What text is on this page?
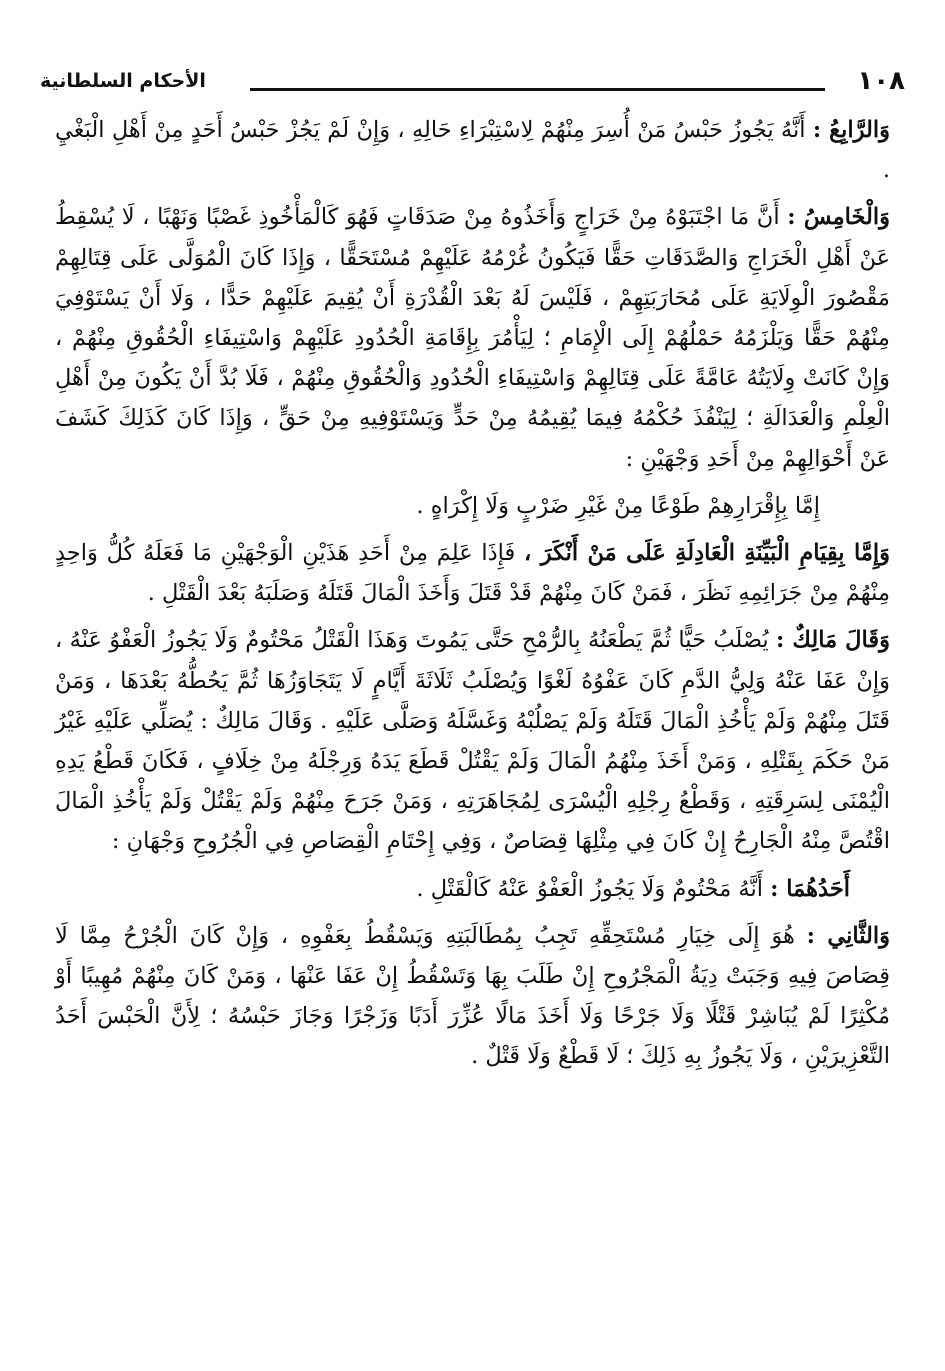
١٠٨
الأحكام السلطانية

وَالرَّابِعُ : أَنَّهُ يَجُوزُ حَبْسُ مَنْ أُسِرَ مِنْهُمْ لِاسْتِبْرَاءِ حَالِهِ ، وَإِنْ لَمْ يَجُزْ حَبْسُ أَحَدٍ مِنْ أَهْلِ الْبَغْيِ .

وَالْخَامِسُ : أَنَّ مَا اجْتَبَوْهُ مِنْ خَرَاجٍ وَأَخَذُوهُ مِنْ صَدَقَاتٍ فَهُوَ كَالْمَأْخُوذِ غَصْبًا وَنَهْبًا ، لَا يُسْقِطُ عَنْ أَهْلِ الْخَرَاجِ وَالصَّدَقَاتِ حَقًّا فَيَكُونُ غُرْمُهُ عَلَيْهِمْ مُسْتَحَقًّا ، وَإِذَا كَانَ الْمُوَلَّى عَلَى قِتَالِهِمْ مَقْصُورَ الْوِلَايَةِ عَلَى مُحَارَبَتِهِمْ ، فَلَيْسَ لَهُ بَعْدَ الْقُدْرَةِ أَنْ يُقِيمَ عَلَيْهِمْ حَدًّا ، وَلَا أَنْ يَسْتَوْفِيَ مِنْهُمْ حَقًّا وَيَلْزَمُهُ حَمْلُهُمْ إِلَى الْإِمَامِ ؛ لِيَأْمُرَ بِإِقَامَةِ الْحُدُودِ عَلَيْهِمْ وَاسْتِيفَاءِ الْحُقُوقِ مِنْهُمْ ، وَإِنْ كَانَتْ وِلَايَتُهُ عَامَّةً عَلَى قِتَالِهِمْ وَاسْتِيفَاءِ الْحُدُودِ وَالْحُقُوقِ مِنْهُمْ ، فَلَا بُدَّ أَنْ يَكُونَ مِنْ أَهْلِ الْعِلْمِ وَالْعَدَالَةِ ؛ لِيَنْفُذَ حُكْمُهُ فِيمَا يُقِيمُهُ مِنْ حَدٍّ وَيَسْتَوْفِيهِ مِنْ حَقٍّ ، وَإِذَا كَانَ كَذَلِكَ كَشَفَ عَنْ أَحْوَالِهِمْ مِنْ أَحَدِ وَجْهَيْنِ :

إِمَّا بِإِقْرَارِهِمْ طَوْعًا مِنْ غَيْرِ ضَرْبٍ وَلَا إِكْرَاهٍ .

وَإِمَّا بِقِيَامِ الْبَيِّنَةِ الْعَادِلَةِ عَلَى مَنْ أَنْكَرَ ، فَإِذَا عَلِمَ مِنْ أَحَدِ هَذَيْنِ الْوَجْهَيْنِ مَا فَعَلَهُ كُلُّ وَاحِدٍ مِنْهُمْ مِنْ جَرَائِمِهِ نَظَرَ ، فَمَنْ كَانَ مِنْهُمْ قَدْ قَتَلَ وَأَخَذَ الْمَالَ قَتَلَهُ وَصَلَبَهُ بَعْدَ الْقَتْلِ .

وَقَالَ مَالِكٌ : يُصْلَبُ حَيًّا ثُمَّ يَطْعَنُهُ بِالرُّمْحِ حَتَّى يَمُوتَ وَهَذَا الْقَتْلُ مَحْتُومٌ وَلَا يَجُوزُ الْعَفْوُ عَنْهُ ، وَإِنْ عَفَا عَنْهُ وَلِيُّ الدَّمِ كَانَ عَفْوُهُ لَغْوًا وَيُصْلَبُ ثَلَاثَةَ أَيَّامٍ لَا يَتَجَاوَزُهَا ثُمَّ يَحُطُّهُ بَعْدَهَا ، وَمَنْ قَتَلَ مِنْهُمْ وَلَمْ يَأْخُذِ الْمَالَ قَتَلَهُ وَلَمْ يَصْلُبْهُ وَغَسَّلَهُ وَصَلَّى عَلَيْهِ . وَقَالَ مَالِكٌ : يُصَلِّي عَلَيْهِ غَيْرُ مَنْ حَكَمَ بِقَتْلِهِ ، وَمَنْ أَخَذَ مِنْهُمُ الْمَالَ وَلَمْ يَقْتُلْ قَطَعَ يَدَهُ وَرِجْلَهُ مِنْ خِلَافٍ ، فَكَانَ قَطْعُ يَدِهِ الْيُمْنَى لِسَرِقَتِهِ ، وَقَطْعُ رِجْلِهِ الْيُسْرَى لِمُجَاهَرَتِهِ ، وَمَنْ جَرَحَ مِنْهُمْ وَلَمْ يَقْتُلْ وَلَمْ يَأْخُذِ الْمَالَ اقْتُصَّ مِنْهُ الْجَارِحُ إِنْ كَانَ فِي مِثْلِهَا قِصَاصٌ ، وَفِي إِحْتَامِ الْقِصَاصِ فِي الْجُرُوحِ وَجْهَانِ :

أَحَدُهُمَا : أَنَّهُ مَحْتُومٌ وَلَا يَجُوزُ الْعَفْوُ عَنْهُ كَالْقَتْلِ .

وَالثَّانِي : هُوَ إِلَى خِيَارِ مُسْتَحِقِّهِ تَجِبُ بِمُطَالَبَتِهِ وَيَسْقُطُ بِعَفْوِهِ ، وَإِنْ كَانَ الْجُرْحُ مِمَّا لَا قِصَاصَ فِيهِ وَجَبَتْ دِيَةُ الْمَجْرُوحِ إِنْ طَلَبَ بِهَا وَتَسْقُطُ إِنْ عَفَا عَنْهَا ، وَمَنْ كَانَ مِنْهُمْ مُهِيبًا أَوْ مُكْثِرًا لَمْ يُبَاشِرْ قَتْلًا وَلَا جَرْحًا وَلَا أَخَذَ مَالًا عُزِّرَ أَدَبًا وَزَجْرًا وَجَازَ حَبْسُهُ ؛ لِأَنَّ الْحَبْسَ أَحَدُ التَّعْزِيرَيْنِ ، وَلَا يَجُوزُ بِهِ ذَلِكَ ؛ لَا قَطْعٌ وَلَا قَتْلٌ .
